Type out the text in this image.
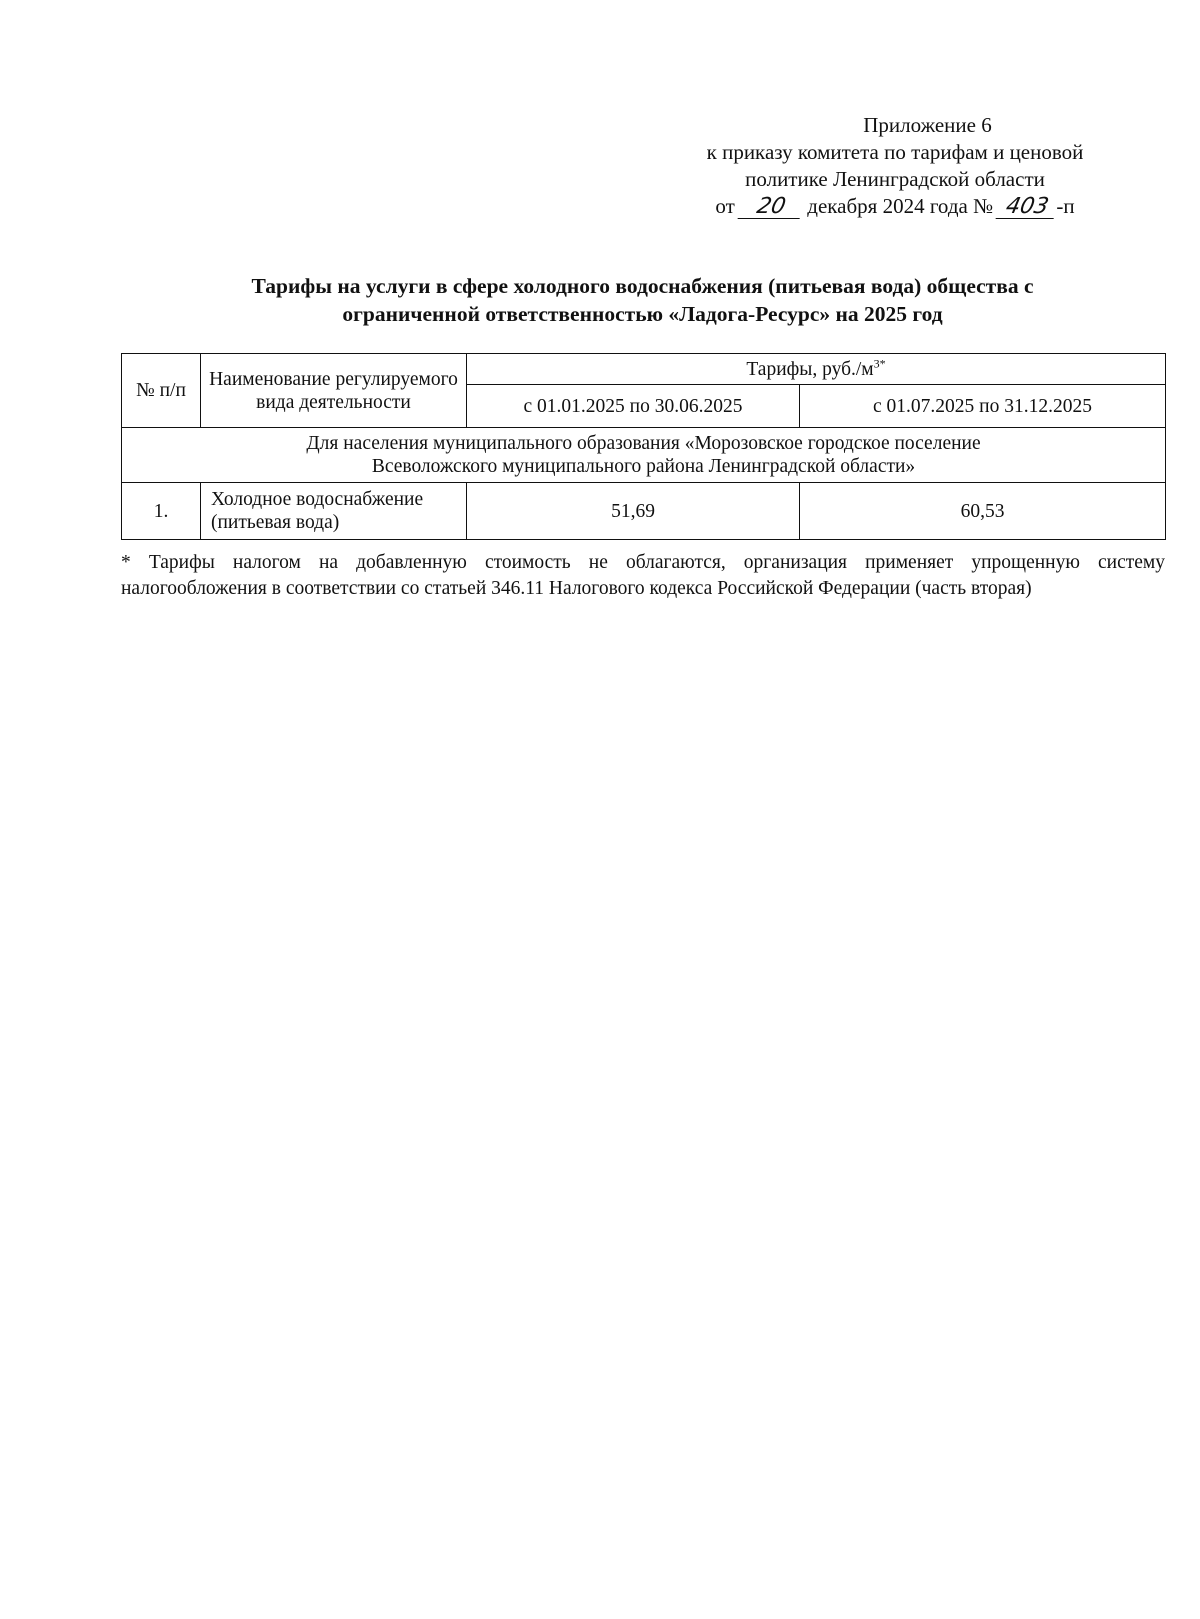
Приложение 6
к приказу комитета по тарифам и ценовой
политике Ленинградской области
от 20 декабря 2024 года № 403 -п
Тарифы на услуги в сфере холодного водоснабжения (питьевая вода) общества с
ограниченной ответственностью «Ладога-Ресурс» на 2025 год
№ п/п	Наименование регулируемого вида деятельности	Тарифы, $руб./м^{3*}$
		с 01.01.2025 по 30.06.2025	с 01.07.2025 по 31.12.2025

Для населения муниципального образования «Морозовское городское поселение
Всеволожского муниципального района Ленинградской области»			

1.	Холодное водоснабжение (питьевая вода)	51,69	60,53
* Тарифы налогом на добавленную стоимость не облагаются, организация применяет упрощенную систему налогообложения в соответствии со статьей 346.11 Налогового кодекса Российской Федерации (часть вторая)
